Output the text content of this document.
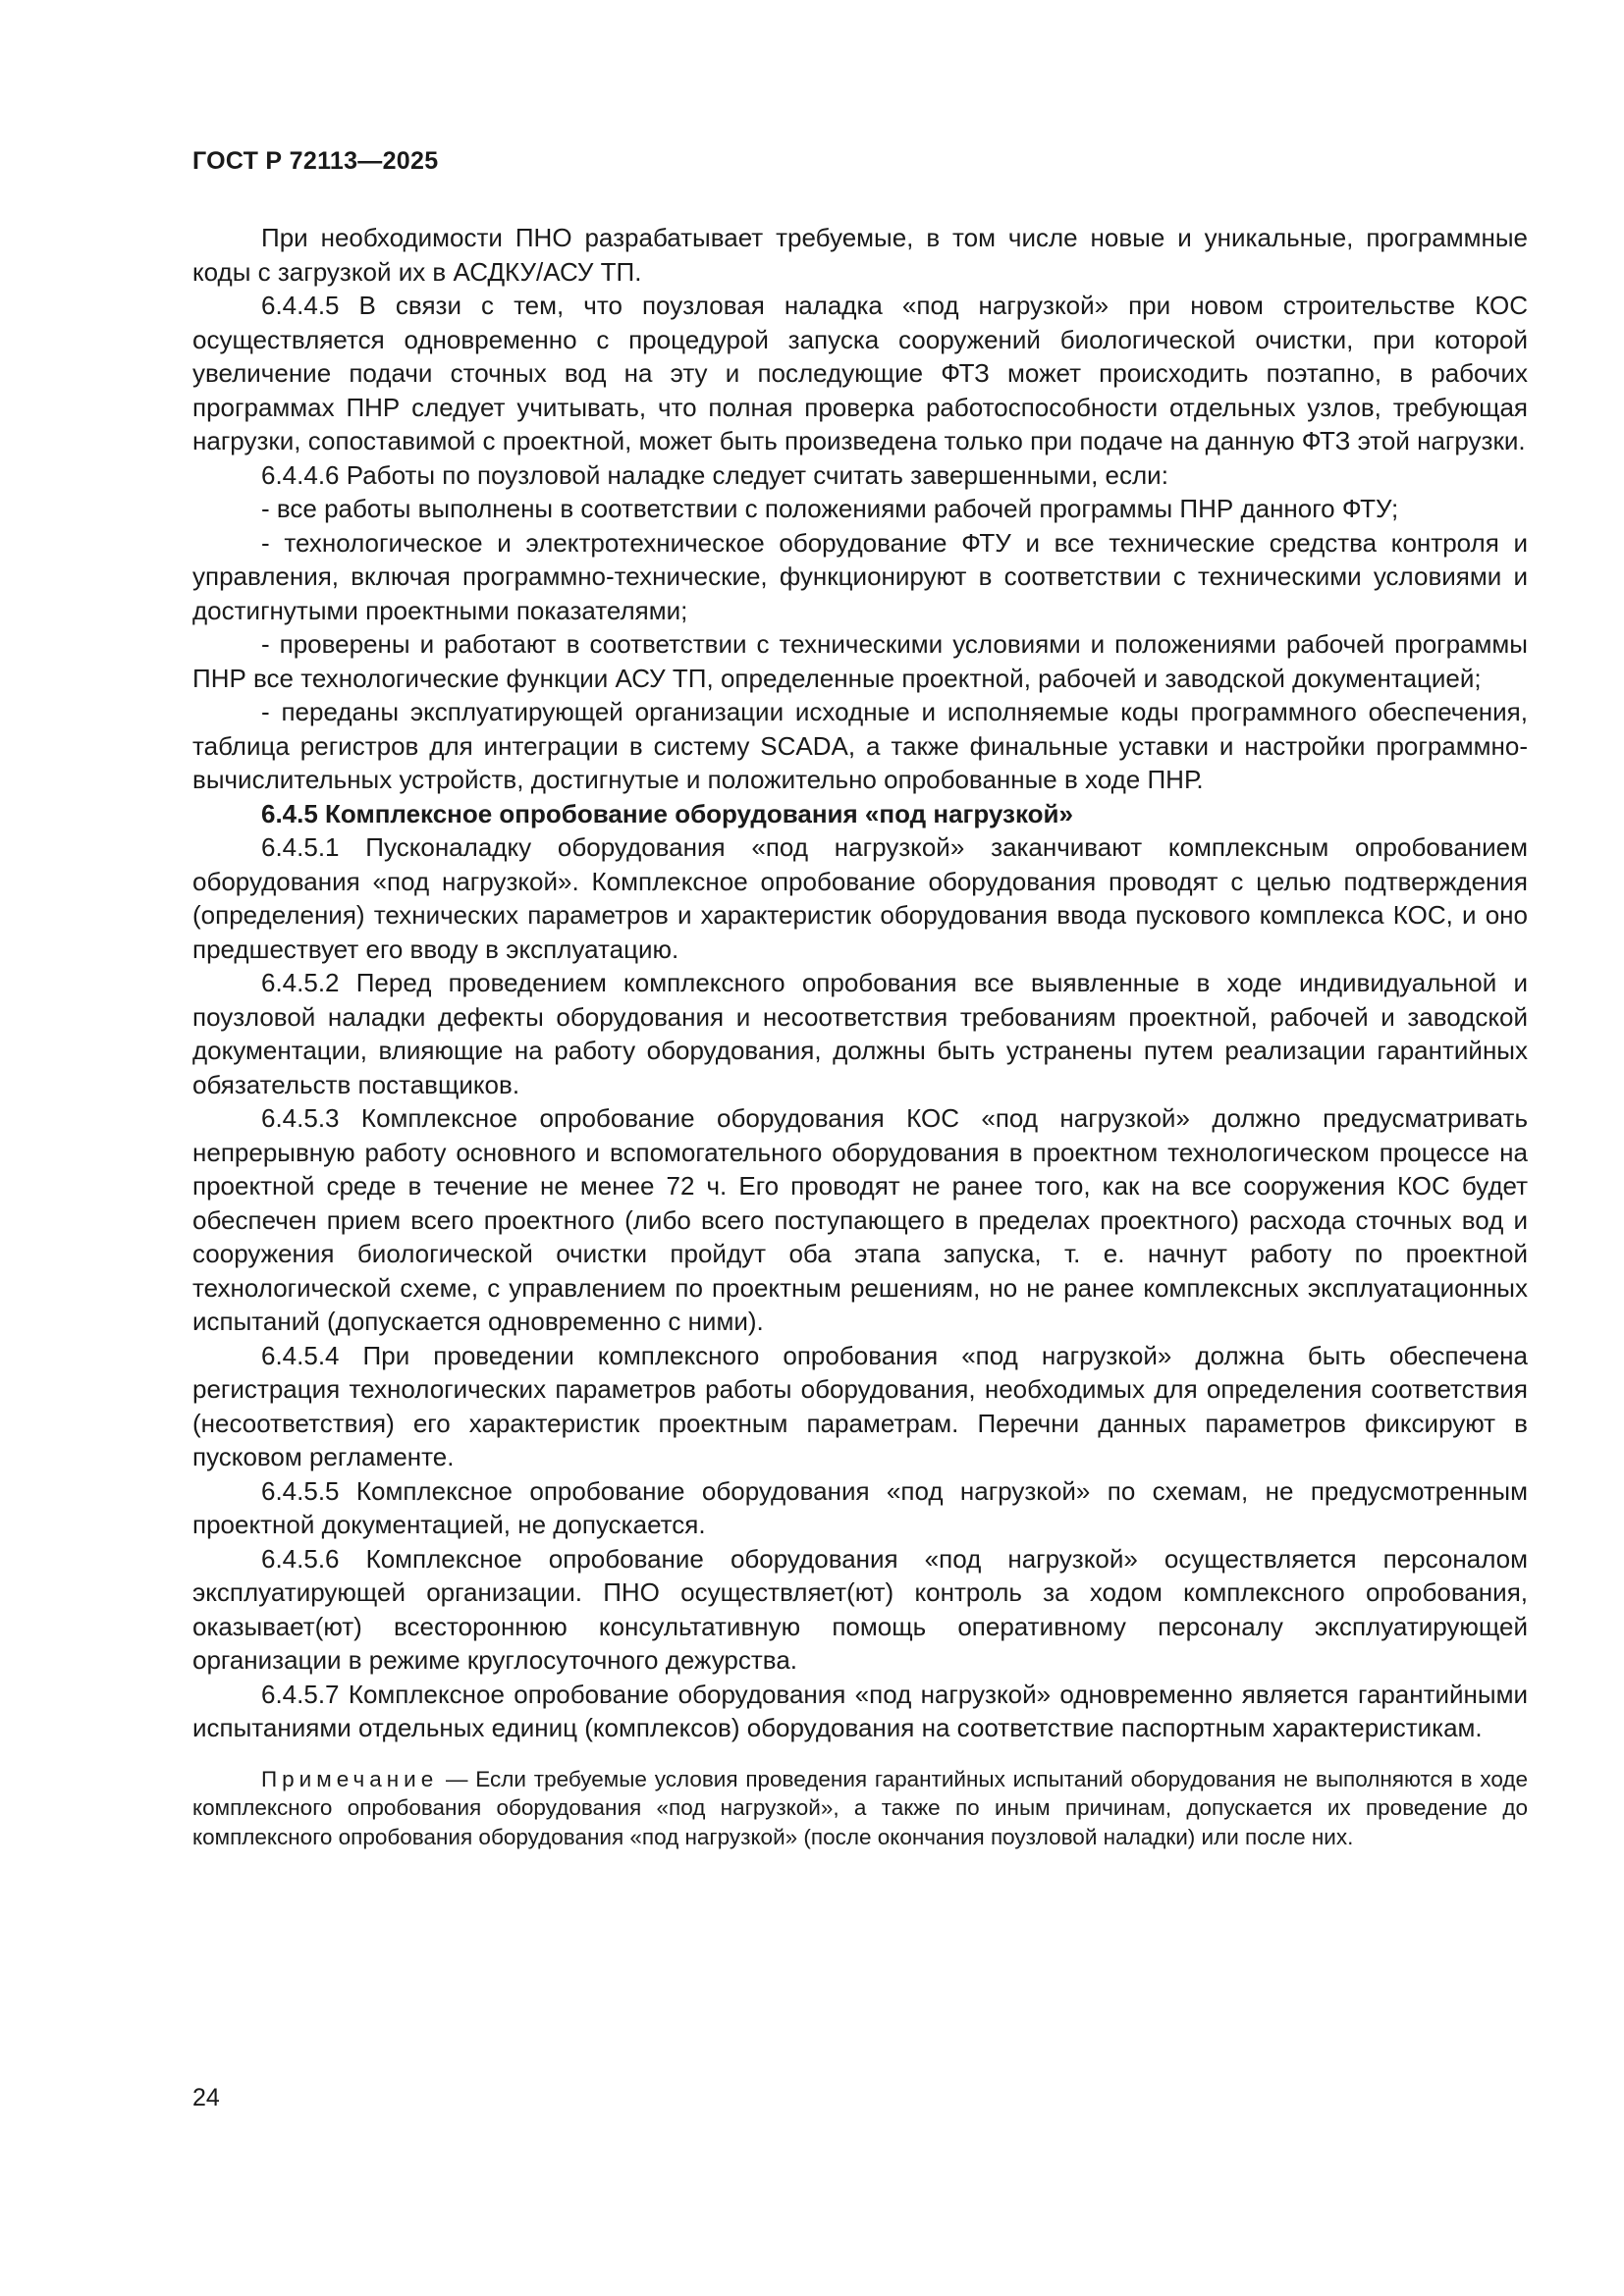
ГОСТ Р 72113—2025

При необходимости ПНО разрабатывает требуемые, в том числе новые и уникальные, программные коды с загрузкой их в АСДКУ/АСУ ТП.

6.4.4.5 В связи с тем, что поузловая наладка «под нагрузкой» при новом строительстве КОС осуществляется одновременно с процедурой запуска сооружений биологической очистки, при которой увеличение подачи сточных вод на эту и последующие ФТЗ может происходить поэтапно, в рабочих программах ПНР следует учитывать, что полная проверка работоспособности отдельных узлов, требующая нагрузки, сопоставимой с проектной, может быть произведена только при подаче на данную ФТЗ этой нагрузки.

6.4.4.6 Работы по поузловой наладке следует считать завершенными, если:

- все работы выполнены в соответствии с положениями рабочей программы ПНР данного ФТУ;

- технологическое и электротехническое оборудование ФТУ и все технические средства контроля и управления, включая программно-технические, функционируют в соответствии с техническими условиями и достигнутыми проектными показателями;

- проверены и работают в соответствии с техническими условиями и положениями рабочей программы ПНР все технологические функции АСУ ТП, определенные проектной, рабочей и заводской документацией;

- переданы эксплуатирующей организации исходные и исполняемые коды программного обеспечения, таблица регистров для интеграции в систему SCADA, а также финальные уставки и настройки программно-вычислительных устройств, достигнутые и положительно опробованные в ходе ПНР.

6.4.5 Комплексное опробование оборудования «под нагрузкой»

6.4.5.1 Пусконаладку оборудования «под нагрузкой» заканчивают комплексным опробованием оборудования «под нагрузкой». Комплексное опробование оборудования проводят с целью подтверждения (определения) технических параметров и характеристик оборудования ввода пускового комплекса КОС, и оно предшествует его вводу в эксплуатацию.

6.4.5.2 Перед проведением комплексного опробования все выявленные в ходе индивидуальной и поузловой наладки дефекты оборудования и несоответствия требованиям проектной, рабочей и заводской документации, влияющие на работу оборудования, должны быть устранены путем реализации гарантийных обязательств поставщиков.

6.4.5.3 Комплексное опробование оборудования КОС «под нагрузкой» должно предусматривать непрерывную работу основного и вспомогательного оборудования в проектном технологическом процессе на проектной среде в течение не менее 72 ч. Его проводят не ранее того, как на все сооружения КОС будет обеспечен прием всего проектного (либо всего поступающего в пределах проектного) расхода сточных вод и сооружения биологической очистки пройдут оба этапа запуска, т. е. начнут работу по проектной технологической схеме, с управлением по проектным решениям, но не ранее комплексных эксплуатационных испытаний (допускается одновременно с ними).

6.4.5.4 При проведении комплексного опробования «под нагрузкой» должна быть обеспечена регистрация технологических параметров работы оборудования, необходимых для определения соответствия (несоответствия) его характеристик проектным параметрам. Перечни данных параметров фиксируют в пусковом регламенте.

6.4.5.5 Комплексное опробование оборудования «под нагрузкой» по схемам, не предусмотренным проектной документацией, не допускается.

6.4.5.6 Комплексное опробование оборудования «под нагрузкой» осуществляется персоналом эксплуатирующей организации. ПНО осуществляет(ют) контроль за ходом комплексного опробования, оказывает(ют) всестороннюю консультативную помощь оперативному персоналу эксплуатирующей организации в режиме круглосуточного дежурства.

6.4.5.7 Комплексное опробование оборудования «под нагрузкой» одновременно является гарантийными испытаниями отдельных единиц (комплексов) оборудования на соответствие паспортным характеристикам.

Примечание — Если требуемые условия проведения гарантийных испытаний оборудования не выполняются в ходе комплексного опробования оборудования «под нагрузкой», а также по иным причинам, допускается их проведение до комплексного опробования оборудования «под нагрузкой» (после окончания поузловой наладки) или после них.
24
